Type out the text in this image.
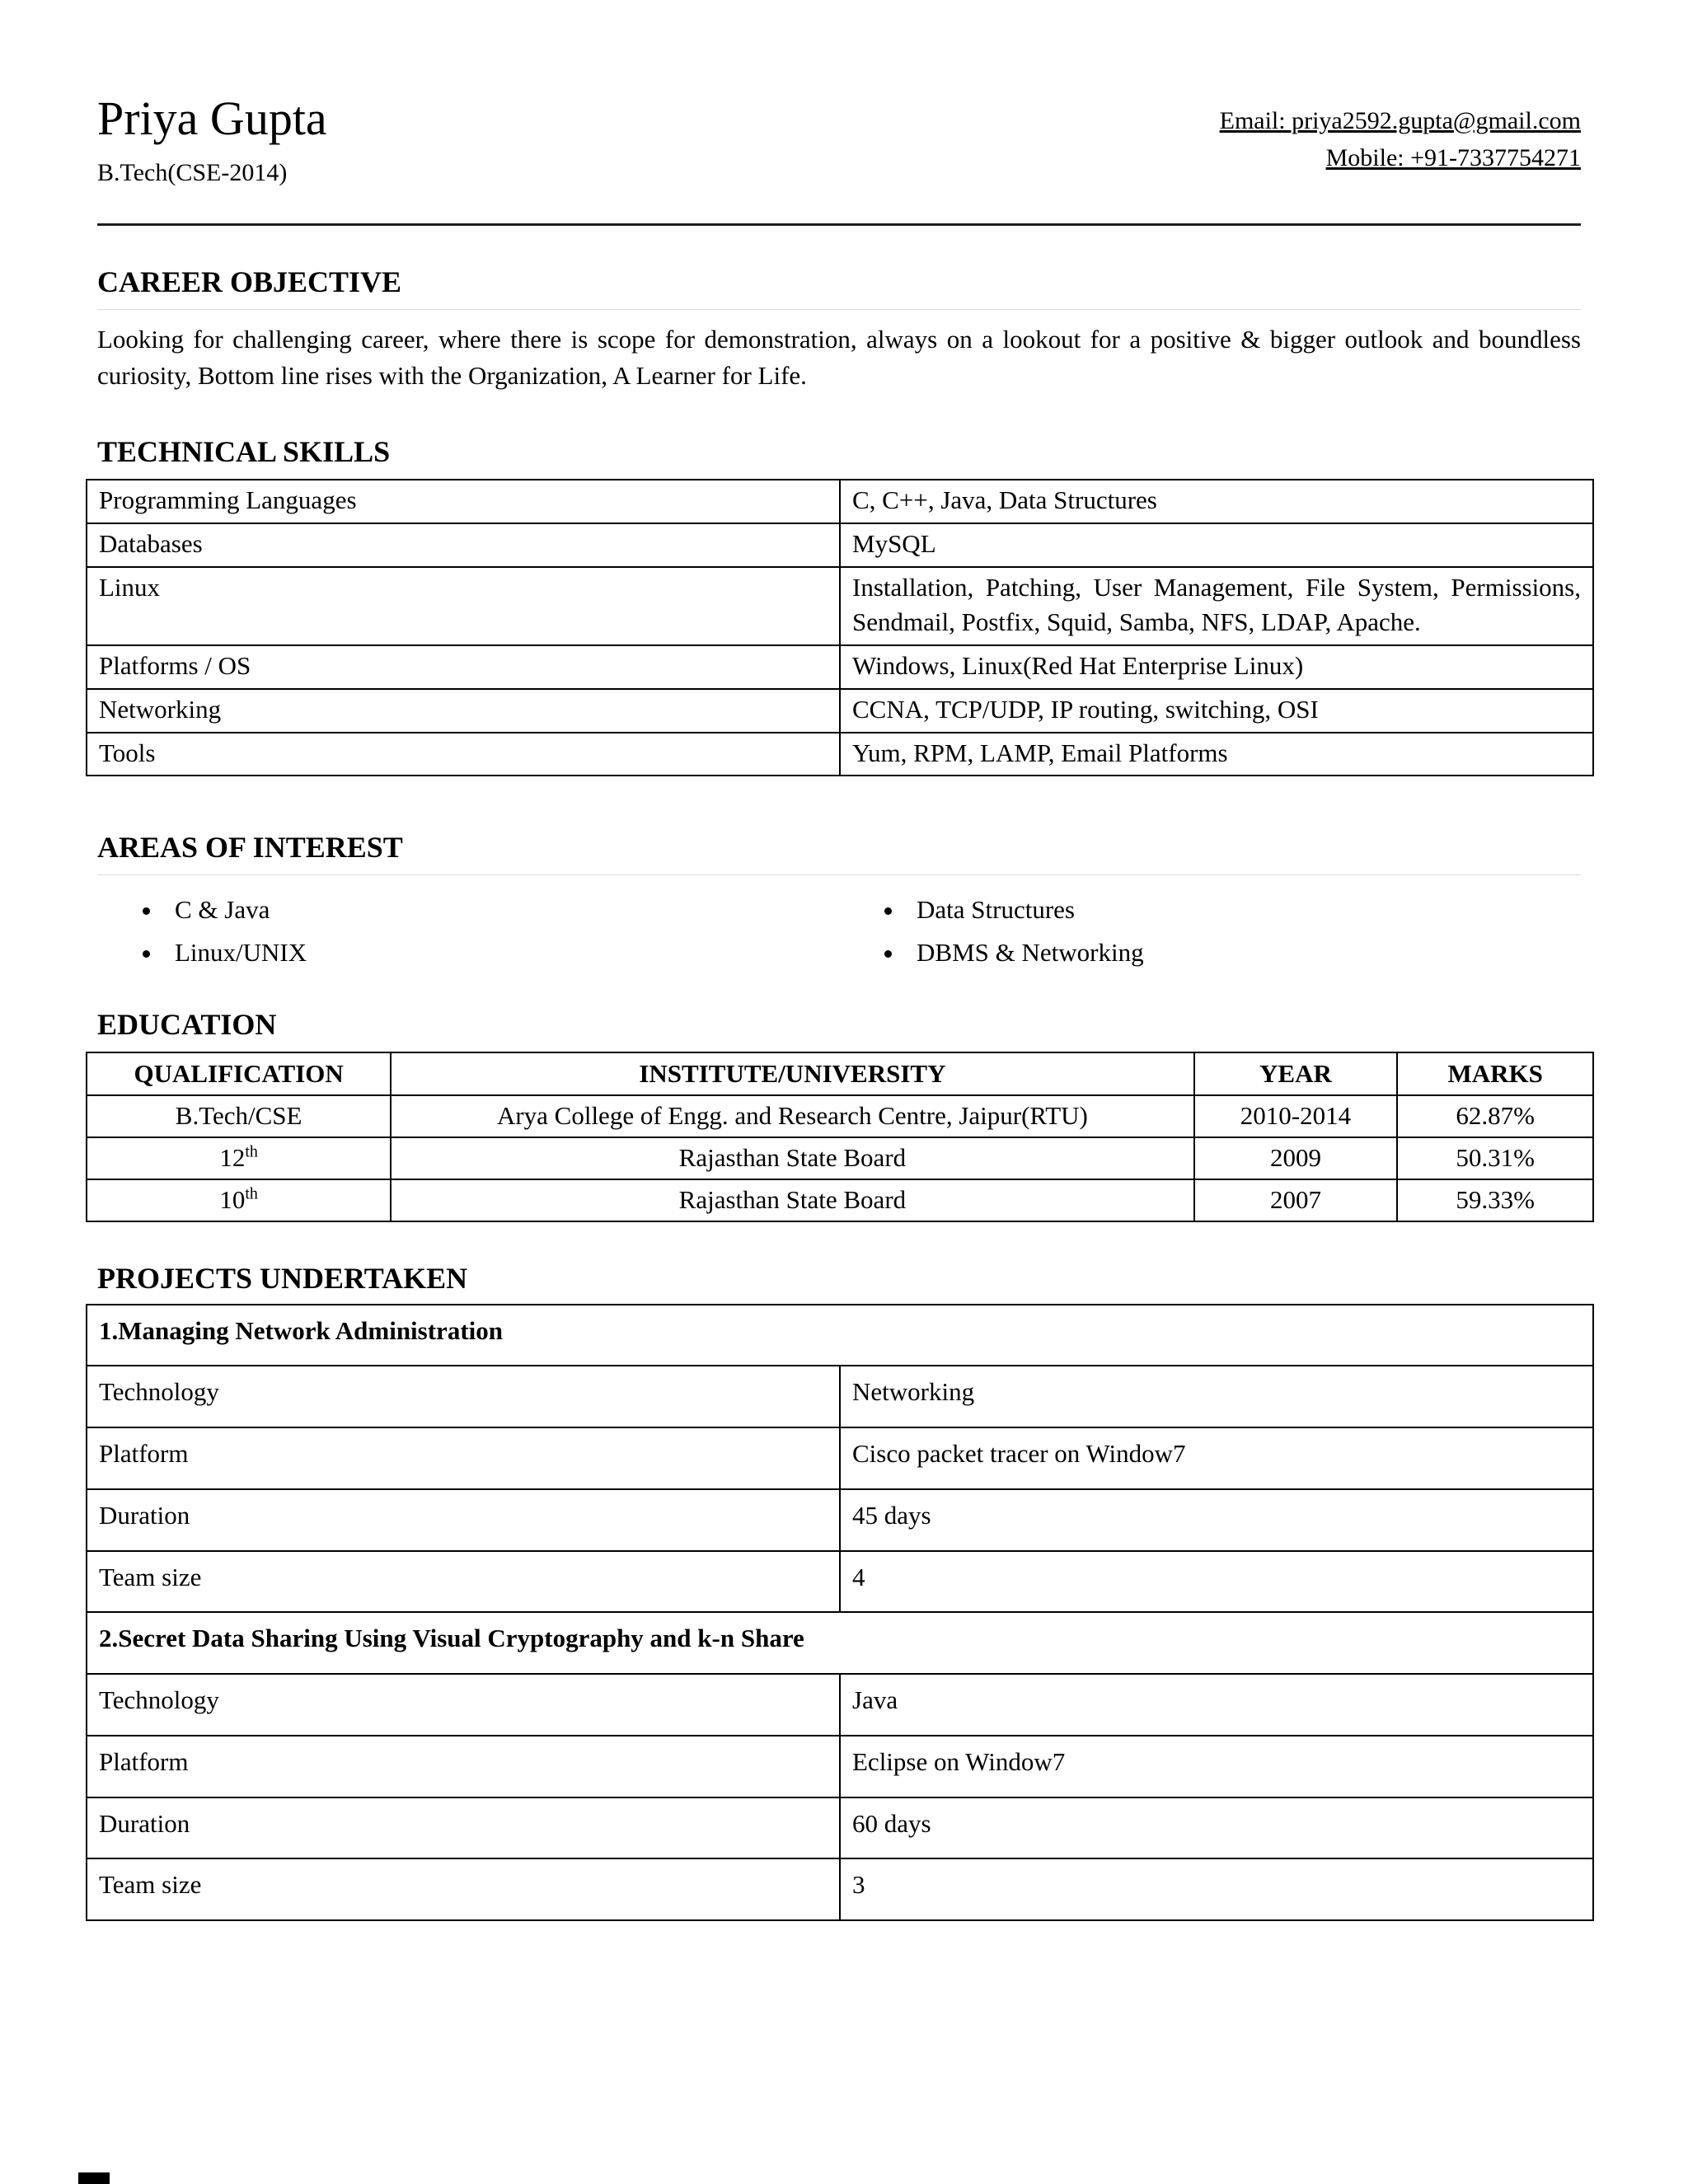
Priya Gupta
B.Tech(CSE-2014)
Email: priya2592.gupta@gmail.com
Mobile: +91-7337754271
CAREER OBJECTIVE

Looking for challenging career, where there is scope for demonstration, always on a lookout for a positive & bigger outlook and boundless curiosity, Bottom line rises with the Organization, A Learner for Life.

TECHNICAL SKILLS
Programming Languages	C, C++, Java, Data Structures
Databases	MySQL
Linux	Installation, Patching, User Management, File System, Permissions, Sendmail, Postfix, Squid, Samba, NFS, LDAP, Apache.
Platforms / OS	Windows, Linux(Red Hat Enterprise Linux)
Networking	CCNA, TCP/UDP, IP routing, switching, OSI
Tools	Yum, RPM, LAMP, Email Platforms
AREAS OF INTEREST
• C & Java
• Linux/UNIX
• Data Structures
• DBMS & Networking
EDUCATION
QUALIFICATION	INSTITUTE/UNIVERSITY	YEAR	MARKS
B.Tech/CSE	Arya College of Engg. and Research Centre, Jaipur(RTU)	2010-2014	62.87%
12th	Rajasthan State Board	2009	50.31%
10th	Rajasthan State Board	2007	59.33%
PROJECTS UNDERTAKEN
1.Managing Network Administration	
Technology	Networking
Platform	Cisco packet tracer on Window7
Duration	45 days
Team size	4
2.Secret Data Sharing Using Visual Cryptography and k-n Share	
Technology	Java
Platform	Eclipse on Window7
Duration	60 days
Team size	3
